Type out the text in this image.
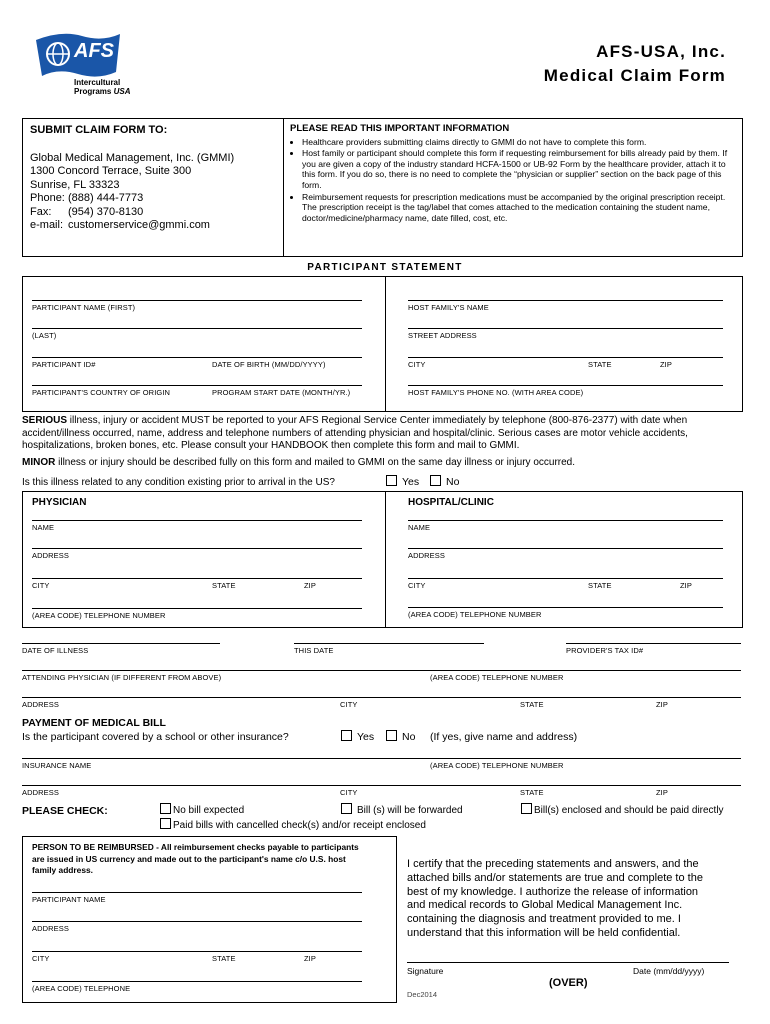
AFS
Intercultural
Programs USA
AFS-USA, Inc.
Medical Claim Form
SUBMIT CLAIM FORM TO:
Global Medical Management, Inc. (GMMI)
1300 Concord Terrace, Suite 300
Sunrise, FL 33323
Phone: (888) 444-7773
Fax: (954) 370-8130
e-mail: customerservice@gmmi.com
PLEASE READ THIS IMPORTANT INFORMATION
• Healthcare providers submitting claims directly to GMMI do not have to complete this form.
• Host family or participant should complete this form if requesting reimbursement for bills already paid by them. If you are given a copy of the industry standard HCFA-1500 or UB-92 Form by the healthcare provider, attach it to this form. If you do so, there is no need to complete the “physician or supplier” section on the back page of this form.
• Reimbursement requests for prescription medications must be accompanied by the original prescription receipt. The prescription receipt is the tag/label that comes attached to the medication containing the student name, doctor/medicine/pharmacy name, date filled, cost, etc.
PARTICIPANT STATEMENT
PARTICIPANT NAME (FIRST)
(LAST)
PARTICIPANT ID#	DATE OF BIRTH (MM/DD/YYYY)
PARTICIPANT'S COUNTRY OF ORIGIN	PROGRAM START DATE (MONTH/YR.)
HOST FAMILY'S NAME
STREET ADDRESS
CITY	STATE	ZIP
HOST FAMILY'S PHONE NO. (WITH AREA CODE)
SERIOUS illness, injury or accident MUST be reported to your AFS Regional Service Center immediately by telephone (800-876-2377) with date when accident/illness occurred, name, address and telephone numbers of attending physician and hospital/clinic. Serious cases are motor vehicle accidents, hospitalizations, broken bones, etc. Please consult your HANDBOOK then complete this form and mail to GMMI.
MINOR illness or injury should be described fully on this form and mailed to GMMI on the same day illness or injury occurred.
Is this illness related to any condition existing prior to arrival in the US?	Yes	No
PHYSICIAN	HOSPITAL/CLINIC
NAME
ADDRESS
CITY	STATE	ZIP
(AREA CODE) TELEPHONE NUMBER
NAME
ADDRESS
CITY	STATE	ZIP
(AREA CODE) TELEPHONE NUMBER
DATE OF ILLNESS	THIS DATE	PROVIDER'S TAX ID#
ATTENDING PHYSICIAN (IF DIFFERENT FROM ABOVE)	(AREA CODE) TELEPHONE NUMBER
ADDRESS	CITY	STATE	ZIP
PAYMENT OF MEDICAL BILL
Is the participant covered by a school or other insurance?	Yes	No (If yes, give name and address)
INSURANCE NAME	(AREA CODE) TELEPHONE NUMBER
ADDRESS	CITY	STATE	ZIP
PLEASE CHECK:	No bill expected	Bill (s) will be forwarded	Bill(s) enclosed and should be paid directly
Paid bills with cancelled check(s) and/or receipt enclosed
PERSON TO BE REIMBURSED - All reimbursement checks payable to participants are issued in US currency and made out to the participant's name c/o U.S. host family address.
PARTICIPANT NAME
ADDRESS
CITY	STATE	ZIP
(AREA CODE) TELEPHONE
I certify that the preceding statements and answers, and the attached bills and/or statements are true and complete to the best of my knowledge. I authorize the release of information and medical records to Global Medical Management Inc. containing the diagnosis and treatment provided to me. I understand that this information will be held confidential.
Signature	Date (mm/dd/yyyy)
(OVER)
Dec2014
